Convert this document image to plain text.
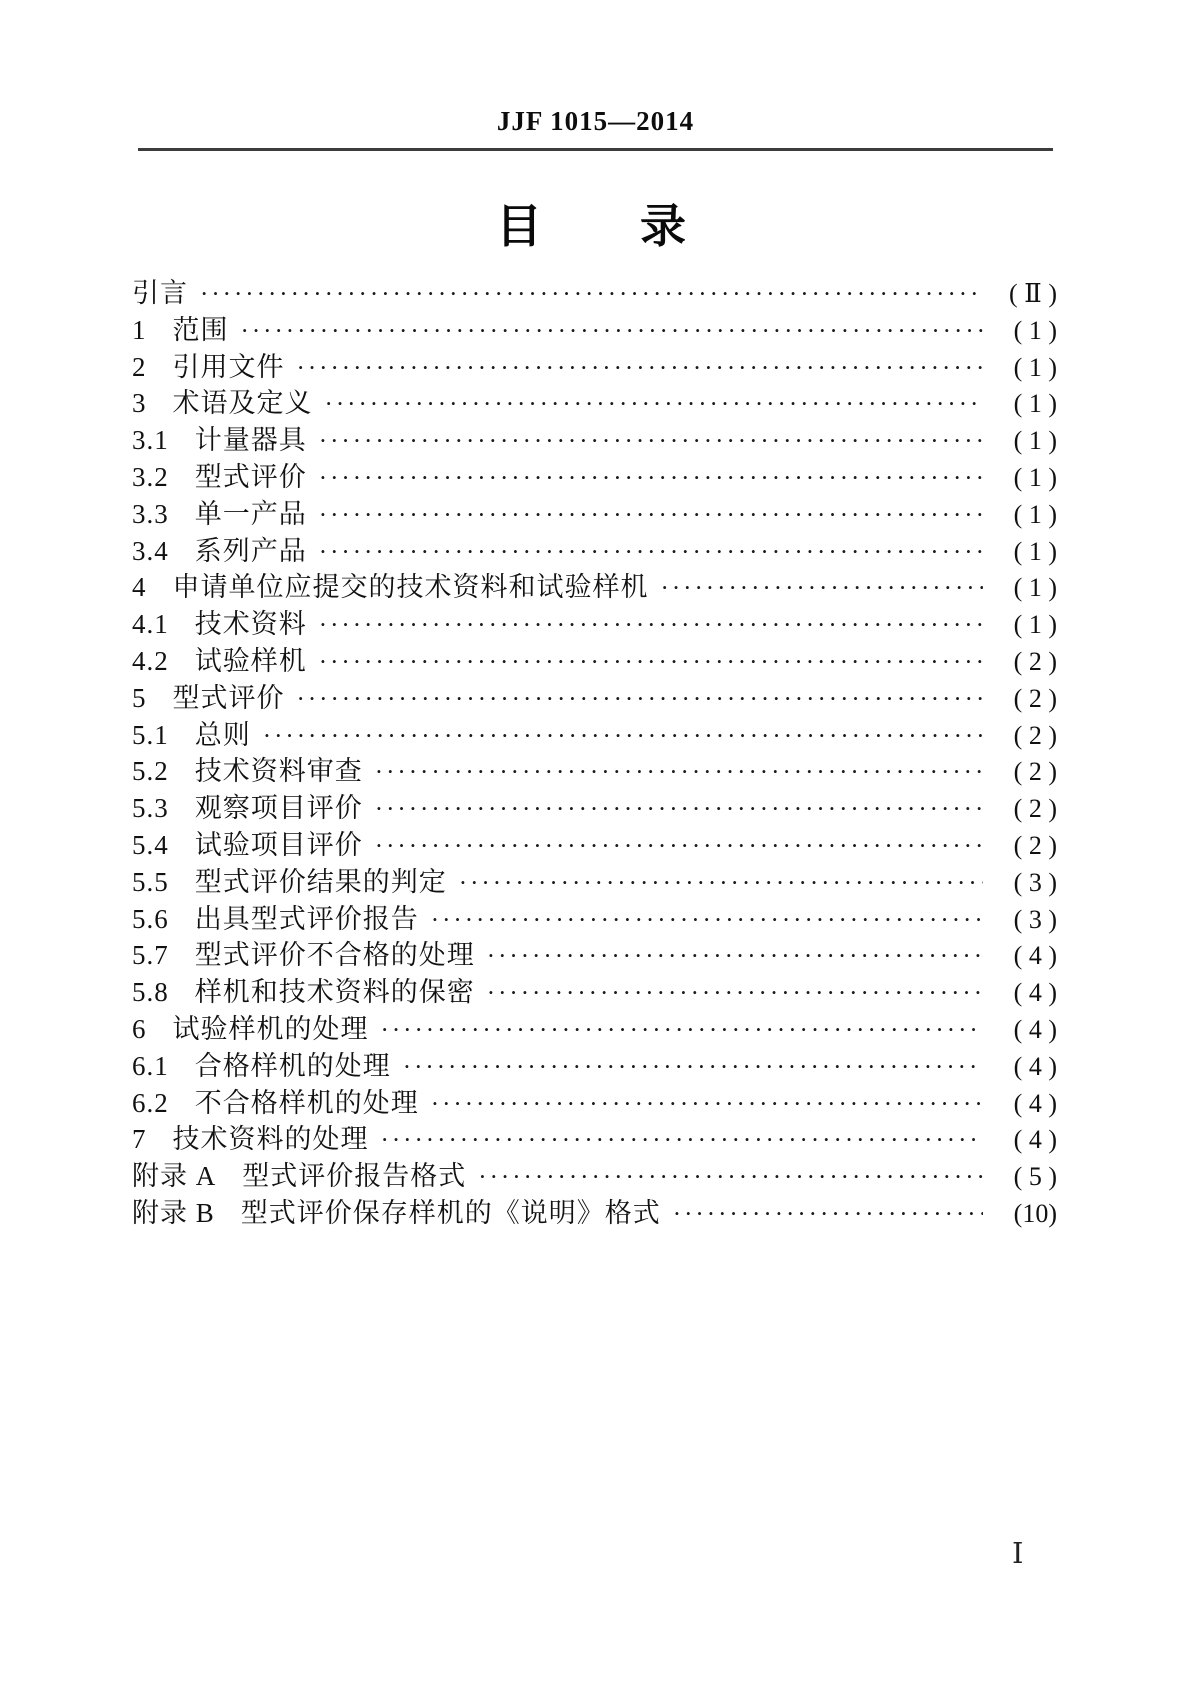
JJF 1015—2014
目　　录
引言 ·····	( Ⅱ )
1 范围 ·····	( 1 )
2 引用文件 ·····	( 1 )
3 术语及定义 ·····	( 1 )
3.1 计量器具 ·····	( 1 )
3.2 型式评价 ·····	( 1 )
3.3 单一产品 ·····	( 1 )
3.4 系列产品 ·····	( 1 )
4 申请单位应提交的技术资料和试验样机 ·····	( 1 )
4.1 技术资料 ·····	( 1 )
4.2 试验样机 ·····	( 2 )
5 型式评价 ·····	( 2 )
5.1 总则 ·····	( 2 )
5.2 技术资料审查 ·····	( 2 )
5.3 观察项目评价 ·····	( 2 )
5.4 试验项目评价 ·····	( 2 )
5.5 型式评价结果的判定 ·····	( 3 )
5.6 出具型式评价报告 ·····	( 3 )
5.7 型式评价不合格的处理 ·····	( 4 )
5.8 样机和技术资料的保密 ·····	( 4 )
6 试验样机的处理 ·····	( 4 )
6.1 合格样机的处理 ·····	( 4 )
6.2 不合格样机的处理 ·····	( 4 )
7 技术资料的处理 ·····	( 4 )
附录 A 型式评价报告格式 ·····	( 5 )
附录 B 型式评价保存样机的《说明》格式 ·····	(10)
Ⅰ
